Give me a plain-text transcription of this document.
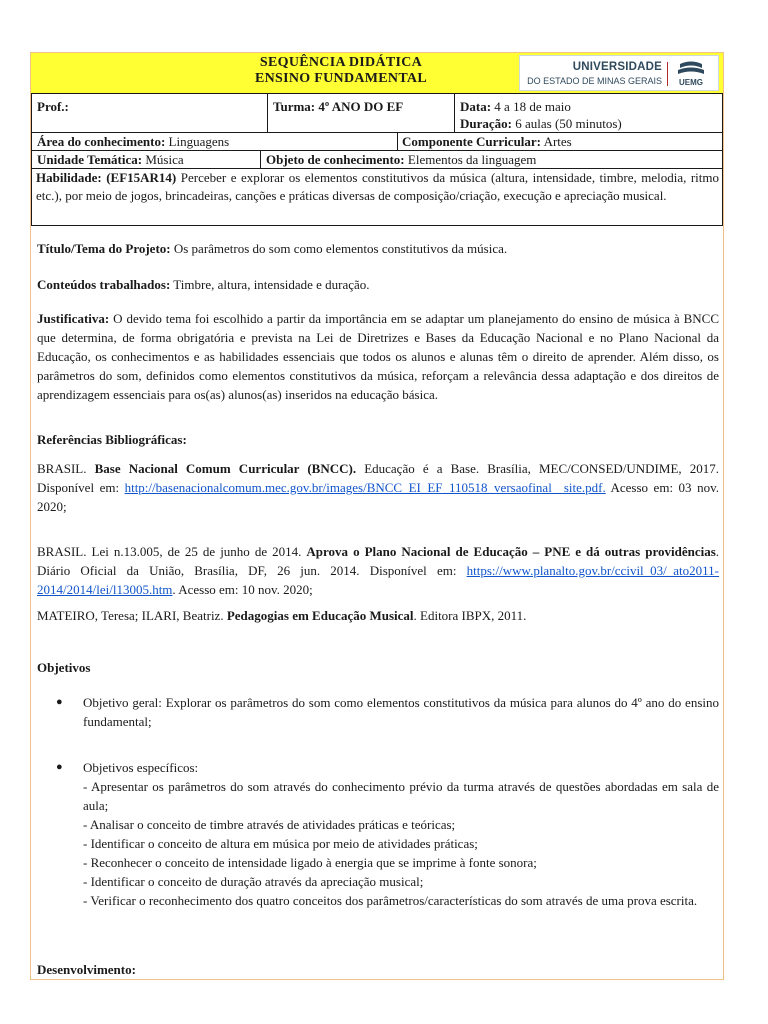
SEQUÊNCIA DIDÁTICA
ENSINO FUNDAMENTAL
UNIVERSIDADE
DO ESTADO DE MINAS GERAIS UEMG
Prof.:	Turma: 4º ANO DO EF	Data: 4 a 18 de maio
Duração: 6 aulas (50 minutos)
Área do conhecimento: Linguagens	Componente Curricular: Artes
Unidade Temática: Música	Objeto de conhecimento: Elementos da linguagem
Habilidade: (EF15AR14) Perceber e explorar os elementos constitutivos da música (altura, intensidade, timbre, melodia, ritmo etc.), por meio de jogos, brincadeiras, canções e práticas diversas de composição/criação, execução e apreciação musical.
Título/Tema do Projeto: Os parâmetros do som como elementos constitutivos da música.
Conteúdos trabalhados: Timbre, altura, intensidade e duração.
Justificativa: O devido tema foi escolhido a partir da importância em se adaptar um planejamento do ensino de música à BNCC que determina, de forma obrigatória e prevista na Lei de Diretrizes e Bases da Educação Nacional e no Plano Nacional da Educação, os conhecimentos e as habilidades essenciais que todos os alunos e alunas têm o direito de aprender. Além disso, os parâmetros do som, definidos como elementos constitutivos da música, reforçam a relevância dessa adaptação e dos direitos de aprendizagem essenciais para os(as) alunos(as) inseridos na educação básica.
Referências Bibliográficas:
BRASIL. Base Nacional Comum Curricular (BNCC). Educação é a Base. Brasília, MEC/CONSED/UNDIME, 2017. Disponível em: http://basenacionalcomum.mec.gov.br/images/BNCC_EI_EF_110518_versaofinal_ site.pdf. Acesso em: 03 nov. 2020;
BRASIL. Lei n.13.005, de 25 de junho de 2014. Aprova o Plano Nacional de Educação – PNE e dá outras providências. Diário Oficial da União, Brasília, DF, 26 jun. 2014. Disponível em: https://www.planalto.gov.br/ccivil_03/_ato2011-2014/2014/lei/l13005.htm. Acesso em: 10 nov. 2020;
MATEIRO, Teresa; ILARI, Beatriz. Pedagogias em Educação Musical. Editora IBPX, 2011.
Objetivos
● Objetivo geral: Explorar os parâmetros do som como elementos constitutivos da música para alunos do 4º ano do ensino fundamental;
● Objetivos específicos:
- Apresentar os parâmetros do som através do conhecimento prévio da turma através de questões abordadas em sala de aula;
- Analisar o conceito de timbre através de atividades práticas e teóricas;
- Identificar o conceito de altura em música por meio de atividades práticas;
- Reconhecer o conceito de intensidade ligado à energia que se imprime à fonte sonora;
- Identificar o conceito de duração através da apreciação musical;
- Verificar o reconhecimento dos quatro conceitos dos parâmetros/características do som através de uma prova escrita.
Desenvolvimento:
